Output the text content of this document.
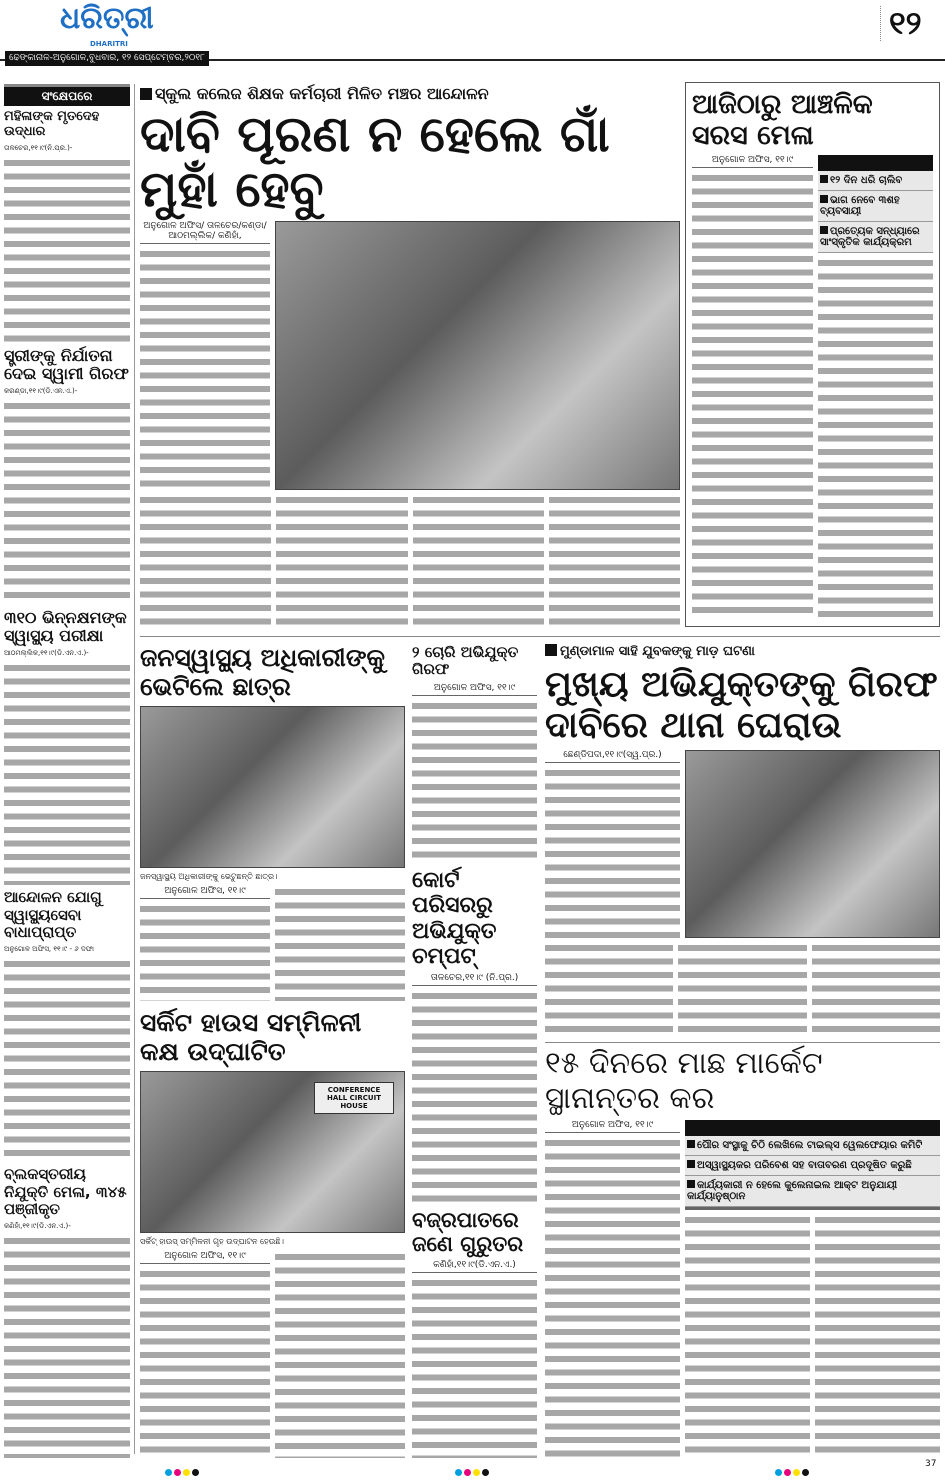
ଧରିତ୍ରୀ
DHARITRI
୧୨
ଢେଙ୍କାନାଳ-ଅନୁଗୋଳ,ବୁଧବାର, ୧୨ ସେପ୍ଟେମ୍ବର,୨୦୧୮
ସଂକ୍ଷେପରେ
ମହିଳାଙ୍କ ମୃତଦେହ ଉଦ୍ଧାର
ତାଳଚେର,୧୧।୯(ନି.ପ୍ର.)-
ସ୍ତ୍ରୀଙ୍କୁ ନିର୍ଯାତନା ଦେଇ ସ୍ୱାମୀ ଗିରଫ
କରଣ୍ଡା,୧୧।୯(ଡି.ଏନ.ଏ.)-
୩୧୦ ଭିନ୍ନକ୍ଷମଙ୍କ ସ୍ୱାସ୍ଥ୍ୟ ପରୀକ୍ଷା
ଆଠମଲ୍ଲିକ,୧୧।୯(ଡି.ଏନ.ଏ.)-
ଆନ୍ଦୋଳନ ଯୋଗୁ ସ୍ୱାସ୍ଥ୍ୟସେବା ବାଧାପ୍ରାପ୍ତ
ଅନୁଗୋଳ ଅଫିସ, ୧୧।୯ - ୬ ଦଫା
ବ୍ଲକସ୍ତରୀୟ ନିଯୁକ୍ତି ମେଳା, ୩୪୫ ପଞ୍ଜୀକୃତ
କଣିହାଁ,୧୧।୯(ଡି.ଏନ.ଏ.)-
ସ୍କୁଲ କଲେଜ ଶିକ୍ଷକ କର୍ମଚାରୀ ମିଳିତ ମଞ୍ଚର ଆନ୍ଦୋଳନ
ଦାବି ପୂରଣ ନ ହେଲେ ଗାଁ ମୁହାଁ ହେବୁ
ଅନୁଗୋଳ ଅଫିସ/ ତାଳଚେର/କଣ୍ଡା/ଆଠମଲ୍ଲିକ/ କଣିହାଁ,
ଆଜିଠାରୁ ଆଞ୍ଚଳିକ ସରସ ମେଳା
ଅନୁଗୋଳ ଅଫିସ, ୧୧।୯
୧୨ ଦିନ ଧରି ଚାଲିବ
ଭାଗ ନେବେ ୩ଶହ ବ୍ୟବସାୟୀ
ପ୍ରତ୍ୟେକ ସନ୍ଧ୍ୟାରେ ସାଂସ୍କୃତିକ କାର୍ଯ୍ୟକ୍ରମ
ଜନସ୍ୱାସ୍ଥ୍ୟ ଅଧିକାରୀଙ୍କୁ ଭେଟିଲେ ଛାତ୍ର
ଜନସ୍ୱାସ୍ଥ୍ୟ ଅଧିକାରୀଙ୍କୁ ଭେଟୁଛନ୍ତି ଛାତ୍ର।
ଅନୁଗୋଳ ଅଫିସ, ୧୧।୯
ସର୍କିଟ ହାଉସ ସମ୍ମିଳନୀ କକ୍ଷ ଉଦ୍‌ଘାଟିତ
CONFERENCE HALL CIRCUIT HOUSE
ସର୍କିଟ୍ ହାଉସ୍ ସମ୍ମିଳନୀ ଗୃହ ଉଦ୍‌ଘାଟନ ହେଉଛି।
ଅନୁଗୋଳ ଅଫିସ, ୧୧।୯
୨ ଚୋରି ଅଭିଯୁକ୍ତ ଗିରଫ
ଅନୁଗୋଳ ଅଫିସ, ୧୧।୯
କୋର୍ଟ ପରିସରରୁ ଅଭିଯୁକ୍ତ ଚମ୍ପଟ୍
ତାଳଚେର,୧୧।୯ (ନି.ପ୍ର.)
ବଜ୍ରପାତରେ ଜଣେ ଗୁରୁତର
କଣିହାଁ,୧୧।୯(ଡି.ଏନ.ଏ.)
ମୁଣ୍ଡାମାଳ ସାହି ଯୁବକଙ୍କୁ ମାଡ଼ ଘଟଣା
ମୁଖ୍ୟ ଅଭିଯୁକ୍ତଙ୍କୁ ଗିରଫ ଦାବିରେ ଥାନା ଘେରାଉ
ଛେଣ୍ଡିପଦା,୧୧।୯(ସ୍ୱ.ପ୍ର.)
୧୫ ଦିନରେ ମାଛ ମାର୍କେଟ ସ୍ଥାନାନ୍ତର କର
ଅନୁଗୋଳ ଅଫିସ, ୧୧।୯
ପୌର ସଂସ୍ଥାକୁ ଚିଠି ଲେଖିଲେ ଟାଇଲ୍ସ ୱେଲଫେୟାର କମିଟି
ଅସ୍ୱାସ୍ଥ୍ୟକର ପରିବେଶ ସହ ବାତାବରଣ ପ୍ରଦୂଷିତ କରୁଛି
କାର୍ଯ୍ୟକାରୀ ନ ହେଲେ କୁଲେନାଇଲ ଆକ୍ଟ ଅନୁଯାୟୀ କାର୍ଯ୍ୟାନୁଷ୍ଠାନ
37
